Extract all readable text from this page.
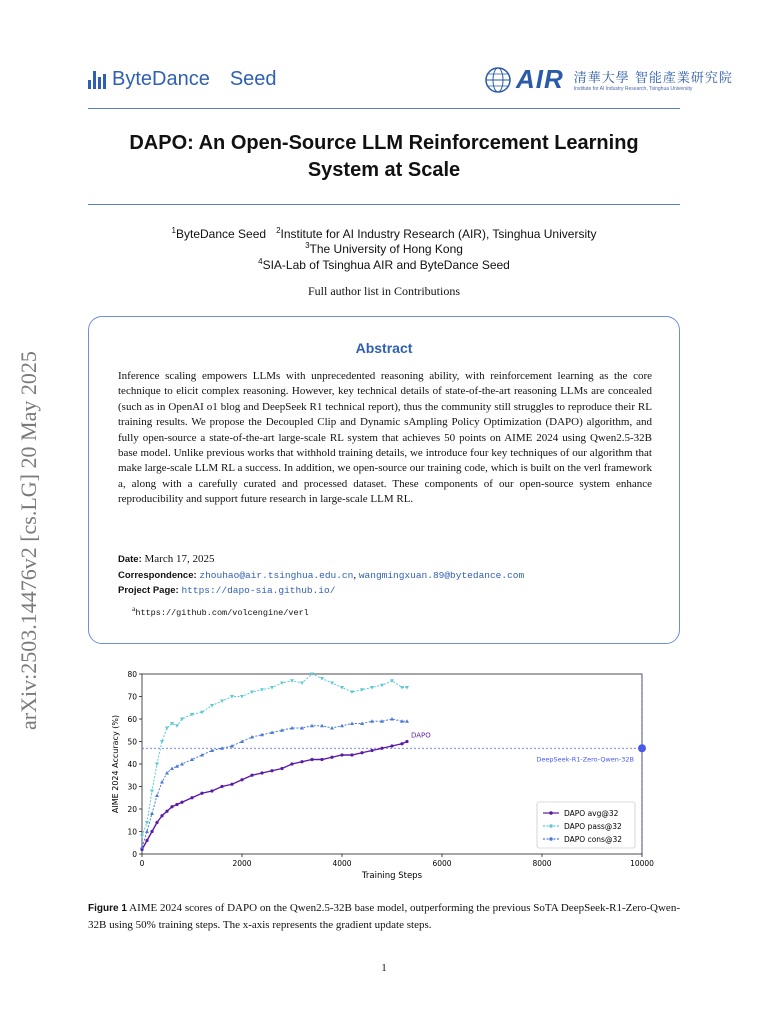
ByteDance Seed	AIR 清華大學 智能產業研究院
Institute for AI Industry Research, Tsinghua University
arXiv:2503.14476v2 [cs.LG] 20 May 2025
DAPO: An Open-Source LLM Reinforcement Learning
System at Scale
$^1$ByteDance Seed $^2$Institute for AI Industry Research (AIR), Tsinghua University
$^3$The University of Hong Kong
$^4$SIA-Lab of Tsinghua AIR and ByteDance Seed
Full author list in Contributions
Abstract
Inference scaling empowers LLMs with unprecedented reasoning ability, with reinforcement learning as the core technique to elicit complex reasoning. However, key technical details of state-of-the-art reasoning LLMs are concealed (such as in OpenAI o1 blog and DeepSeek R1 technical report), thus the community still struggles to reproduce their RL training results. We propose the Decoupled Clip and Dynamic sAmpling Policy Optimization (DAPO) algorithm, and fully open-source a state-of-the-art large-scale RL system that achieves 50 points on AIME 2024 using Qwen2.5-32B base model. Unlike previous works that withhold training details, we introduce four key techniques of our algorithm that make large-scale LLM RL a success. In addition, we open-source our training code, which is built on the verl framework a, along with a carefully curated and processed dataset. These components of our open-source system enhance reproducibility and support future research in large-scale LLM RL.
Date: March 17, 2025
Correspondence: zhouhao@air.tsinghua.edu.cn, wangmingxuan.89@bytedance.com
Project Page: https://dapo-sia.github.io/
$^a$https://github.com/volcengine/verl
0
10
20
30
40
50
60
70
80
0	2000	4000	6000	8000	10000
Training Steps
AIME 2024 Accuracy (%)	DeepSeek-R1-Zero-Qwen-32B
DAPO
DAPO avg@32
DAPO pass@32
DAPO cons@32
Figure 1 AIME 2024 scores of DAPO on the Qwen2.5-32B base model, outperforming the previous SoTA DeepSeek-R1-Zero-Qwen-32B using 50% training steps. The x-axis represents the gradient update steps.
1
